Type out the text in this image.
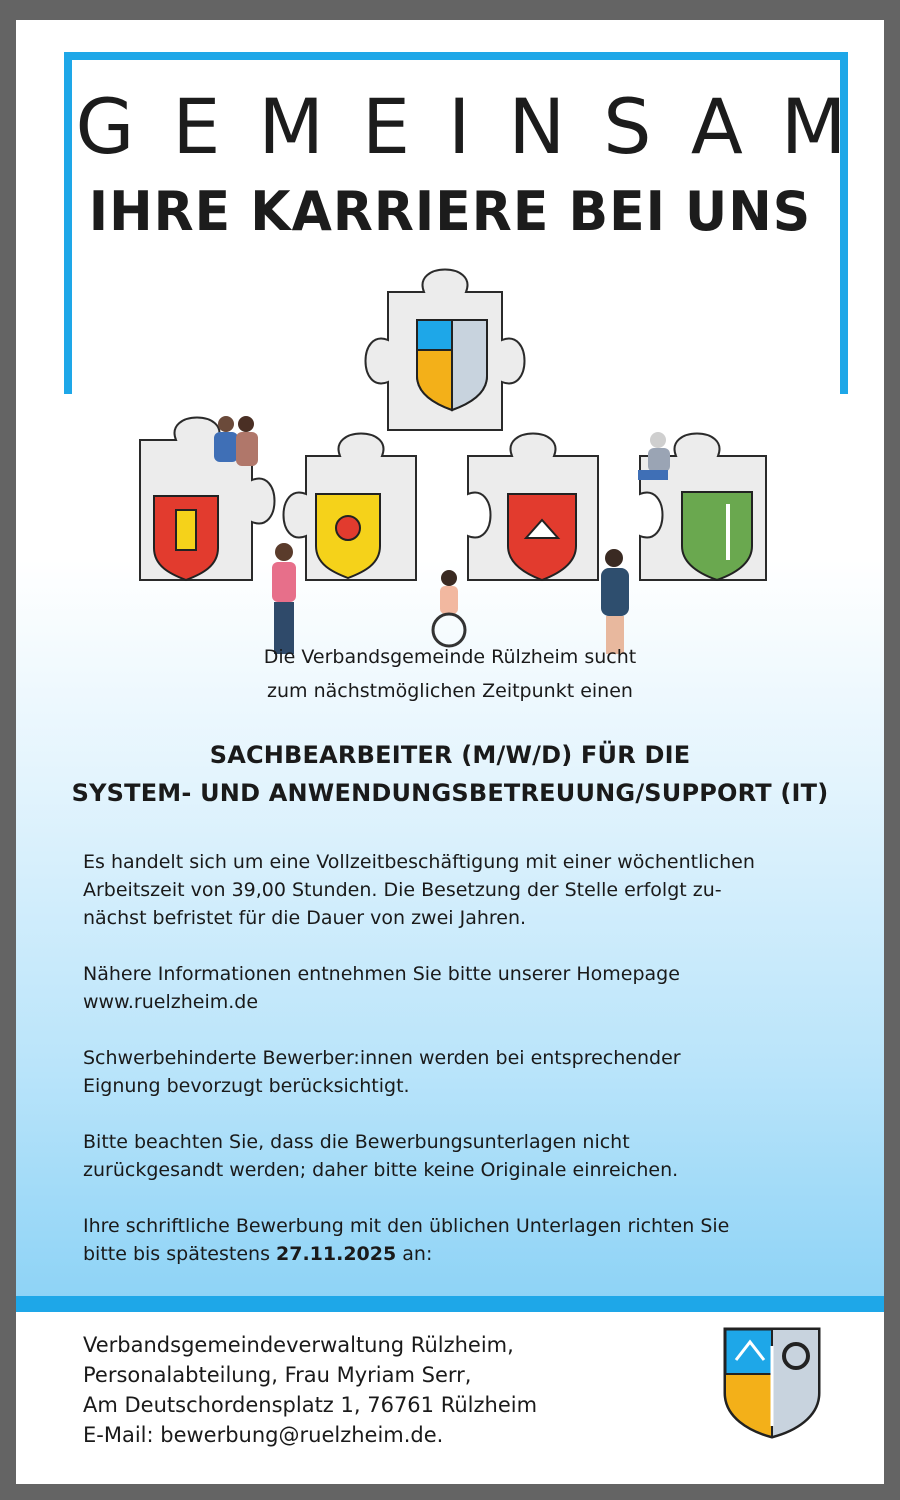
GEMEINSAM
IHRE KARRIERE BEI UNS
Die Verbandsgemeinde Rülzheim sucht
zum nächstmöglichen Zeitpunkt einen
SACHBEARBEITER (M/W/D) FÜR DIE
SYSTEM- UND ANWENDUNGSBETREUUNG/SUPPORT (IT)

Es handelt sich um eine Vollzeitbeschäftigung mit einer wöchentlichen
Arbeitszeit von 39,00 Stunden. Die Besetzung der Stelle erfolgt zu-
nächst befristet für die Dauer von zwei Jahren.

Nähere Informationen entnehmen Sie bitte unserer Homepage
www.ruelzheim.de

Schwerbehinderte Bewerber:innen werden bei entsprechender
Eignung bevorzugt berücksichtigt.

Bitte beachten Sie, dass die Bewerbungsunterlagen nicht
zurückgesandt werden; daher bitte keine Originale einreichen.

Ihre schriftliche Bewerbung mit den üblichen Unterlagen richten Sie
bitte bis spätestens 27.11.2025 an:

Verbandsgemeindeverwaltung Rülzheim,
Personalabteilung, Frau Myriam Serr,
Am Deutschordensplatz 1, 76761 Rülzheim
E-Mail: bewerbung@ruelzheim.de.
